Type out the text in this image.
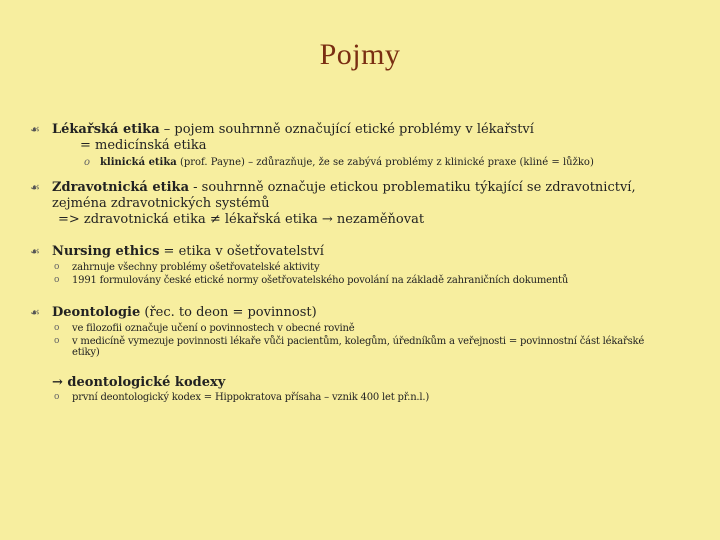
Pojmy
☙ Lékařská etika – pojem souhrnně označující etické problémy v lékařství
= medicínská etika
o klinická etika (prof. Payne) – zdůrazňuje, že se zabývá problémy z klinické praxe (kliné = lůžko)
☙ Zdravotnická etika - souhrnně označuje etickou problematiku týkající se zdravotnictví, zejména zdravotnických systémů
=> zdravotnická etika ≠ lékařská etika → nezaměňovat
☙ Nursing ethics = etika v ošetřovatelství
o zahrnuje všechny problémy ošetřovatelské aktivity
o 1991 formulovány české etické normy ošetřovatelského povolání na základě zahraničních dokumentů
☙ Deontologie (řec. to deon = povinnost)
o ve filozofii označuje učení o povinnostech v obecné rovině
o v medicíně vymezuje povinnosti lékaře vůči pacientům, kolegům, úředníkům a veřejnosti = povinnostní část lékařské etiky)
→ deontologické kodexy
o první deontologický kodex = Hippokratova přísaha – vznik 400 let př.n.l.)
